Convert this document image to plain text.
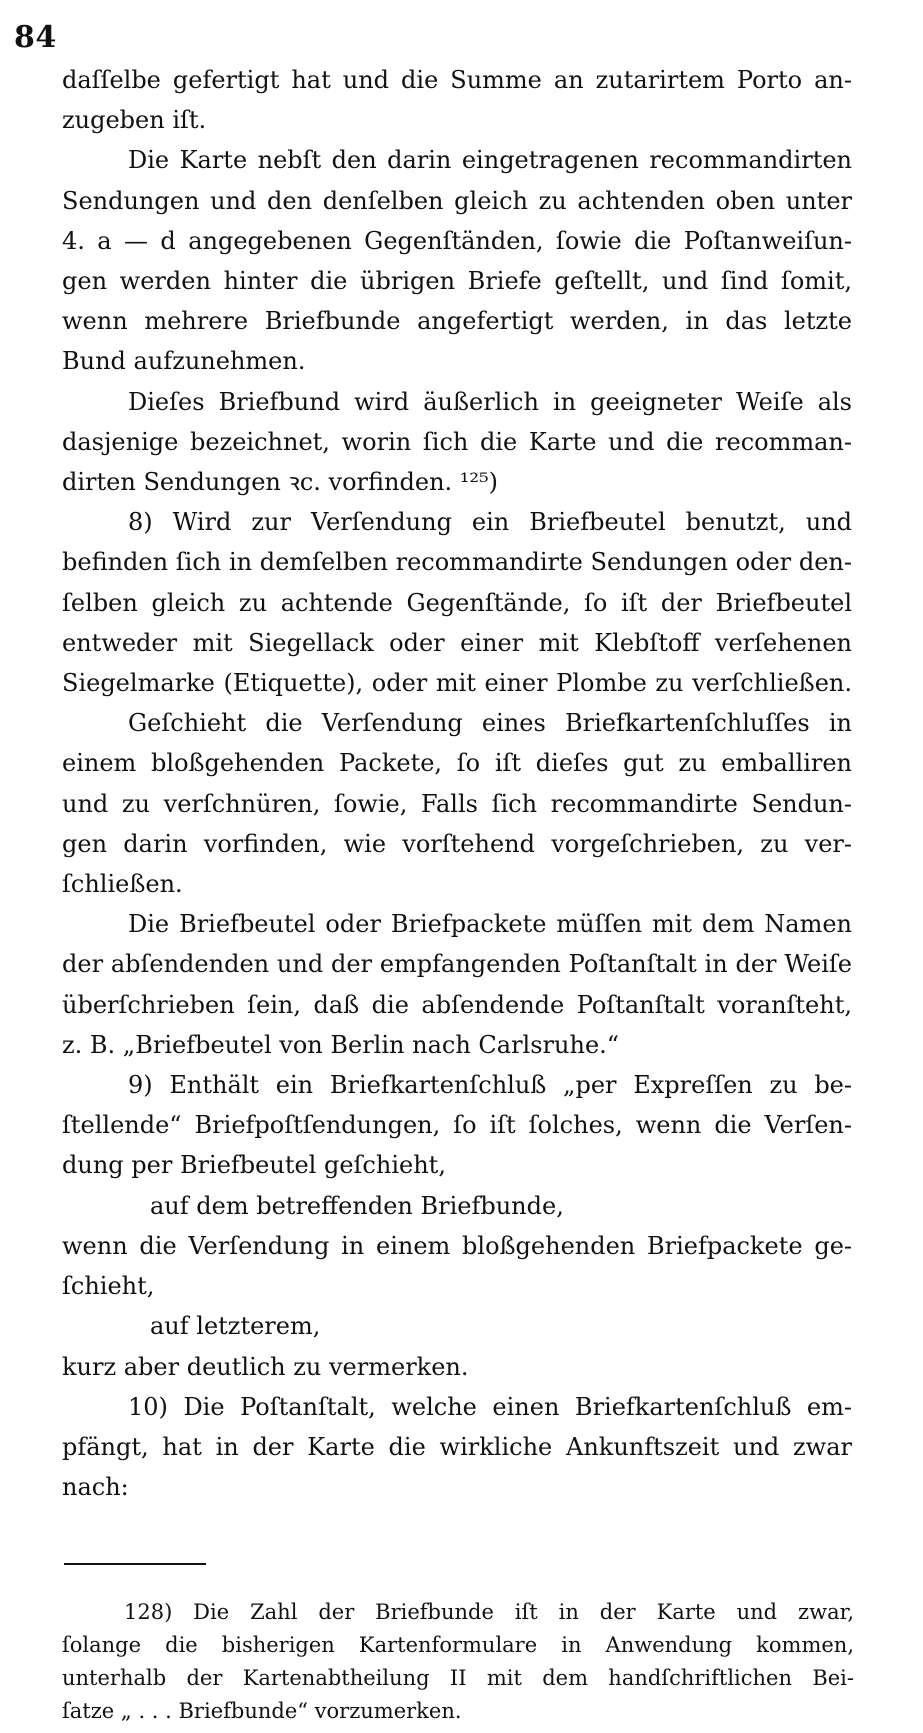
84
daſſelbe gefertigt hat und die Summe an zutarirtem Porto an-
zugeben iſt.
Die Karte nebſt den darin eingetragenen recommandirten
Sendungen und den denſelben gleich zu achtenden oben unter
4. a — d angegebenen Gegenſtänden, ſowie die Poſtanweiſun-
gen werden hinter die übrigen Briefe geſtellt, und ſind ſomit,
wenn mehrere Briefbunde angefertigt werden, in das letzte
Bund aufzunehmen.
Dieſes Briefbund wird äußerlich in geeigneter Weiſe als
dasjenige bezeichnet, worin ſich die Karte und die recomman-
dirten Sendungen ꝛc. vorfinden. ¹²⁵)
8) Wird zur Verſendung ein Briefbeutel benutzt, und
befinden ſich in demſelben recommandirte Sendungen oder den-
ſelben gleich zu achtende Gegenſtände, ſo iſt der Briefbeutel
entweder mit Siegellack oder einer mit Klebſtoff verſehenen
Siegelmarke (Etiquette), oder mit einer Plombe zu verſchließen.
Geſchieht die Verſendung eines Briefkartenſchluſſes in
einem bloßgehenden Packete, ſo iſt dieſes gut zu emballiren
und zu verſchnüren, ſowie, Falls ſich recommandirte Sendun-
gen darin vorfinden, wie vorſtehend vorgeſchrieben, zu ver-
ſchließen.
Die Briefbeutel oder Briefpackete müſſen mit dem Namen
der abſendenden und der empfangenden Poſtanſtalt in der Weiſe
überſchrieben ſein, daß die abſendende Poſtanſtalt voranſteht,
z. B. „Briefbeutel von Berlin nach Carlsruhe.“
9) Enthält ein Briefkartenſchluß „per Expreſſen zu be-
ſtellende“ Briefpoſtſendungen, ſo iſt ſolches, wenn die Verſen-
dung per Briefbeutel geſchieht,
auf dem betreffenden Briefbunde,
wenn die Verſendung in einem bloßgehenden Briefpackete ge-
ſchieht,
auf letzterem,
kurz aber deutlich zu vermerken.
10) Die Poſtanſtalt, welche einen Briefkartenſchluß em-
pfängt, hat in der Karte die wirkliche Ankunftszeit und zwar
nach:
128) Die Zahl der Briefbunde iſt in der Karte und zwar,
ſolange die bisherigen Kartenformulare in Anwendung kommen,
unterhalb der Kartenabtheilung II mit dem handſchriftlichen Bei-
ſatze „ . . . Briefbunde“ vorzumerken.
